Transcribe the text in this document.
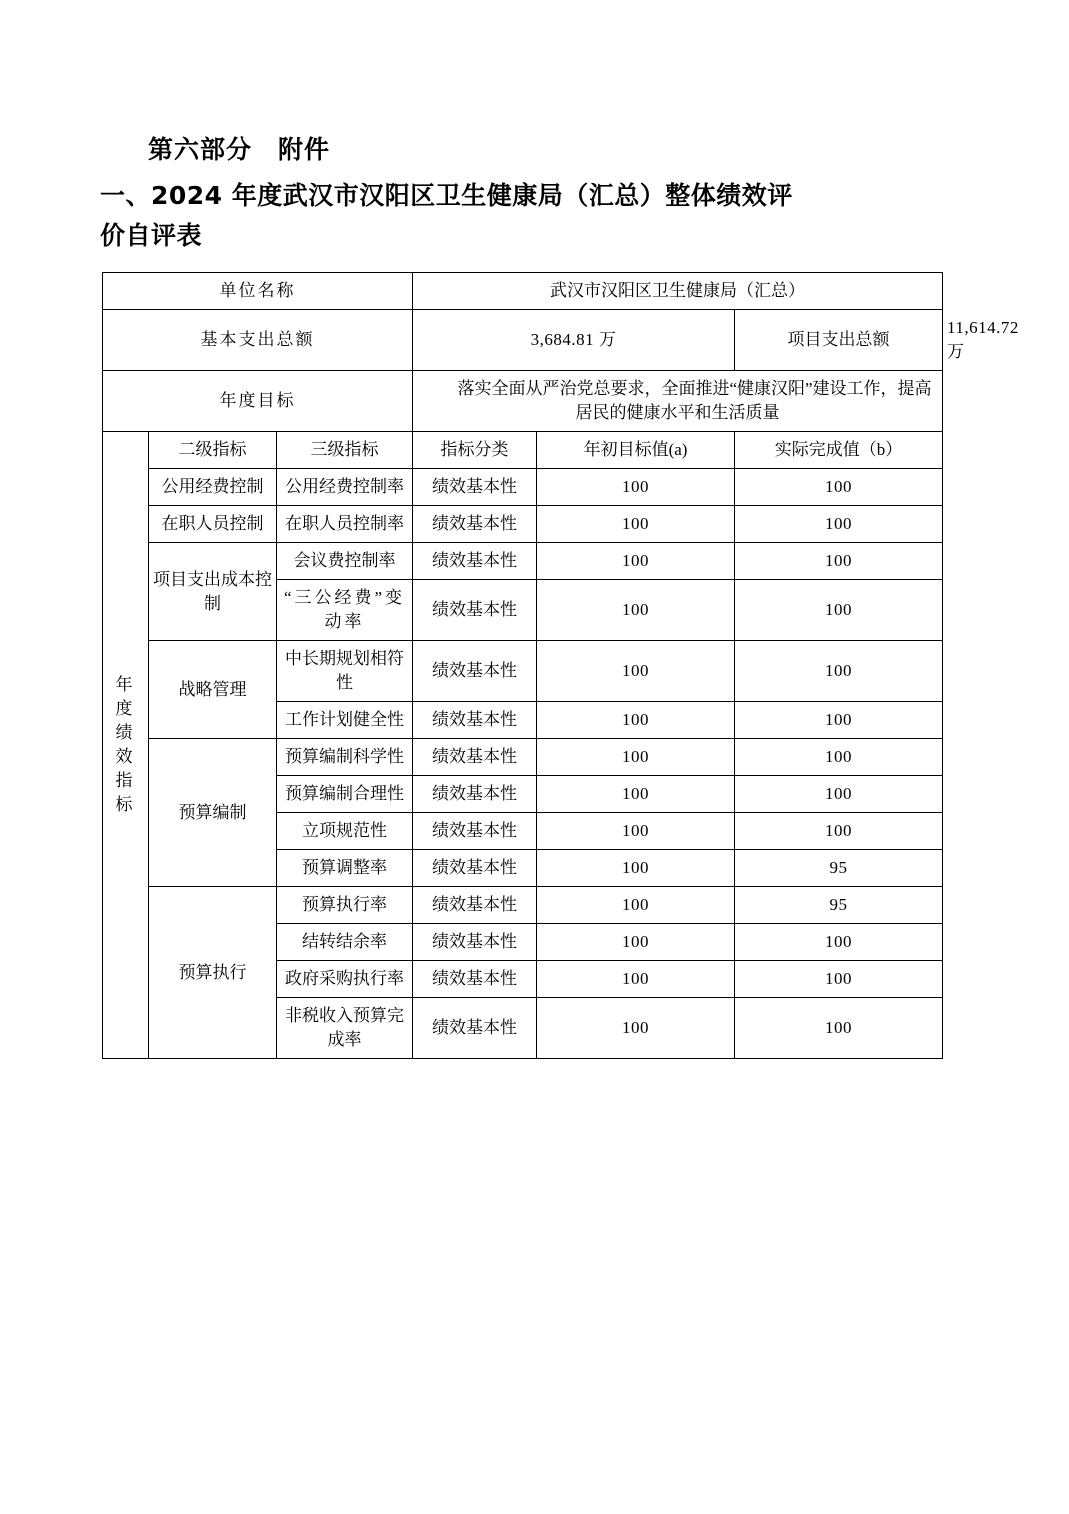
第六部分　附件
一、2024 年度武汉市汉阳区卫生健康局（汇总）整体绩效评
价自评表
单位名称			武汉市汉阳区卫生健康局（汇总）			
基本支出总额			3,684.81 万		项目支出总额	11,614.72 万
年度目标			落实全面从严治党总要求，全面推进“健康汉阳”建设工作，提高居民的健康水平和生活质量			

年 度
绩 效
指 标	二级指标	三级指标	指标分类	年初目标值(a)	实际完成值（b）	
	公用经费控制	公用经费控制率	绩效基本性	100	100	
	在职人员控制	在职人员控制率	绩效基本性	100	100	
	项目支出成本控制	会议费控制率	绩效基本性	100	100	
		“三公经费”变动率	绩效基本性	100	100	
	战略管理	中长期规划相符性	绩效基本性	100	100	
		工作计划健全性	绩效基本性	100	100	
	预算编制	预算编制科学性	绩效基本性	100	100	
		预算编制合理性	绩效基本性	100	100	
		立项规范性	绩效基本性	100	100	
		预算调整率	绩效基本性	100	95	
	预算执行	预算执行率	绩效基本性	100	95	
		结转结余率	绩效基本性	100	100	
		政府采购执行率	绩效基本性	100	100	
		非税收入预算完成率	绩效基本性	100	100	
